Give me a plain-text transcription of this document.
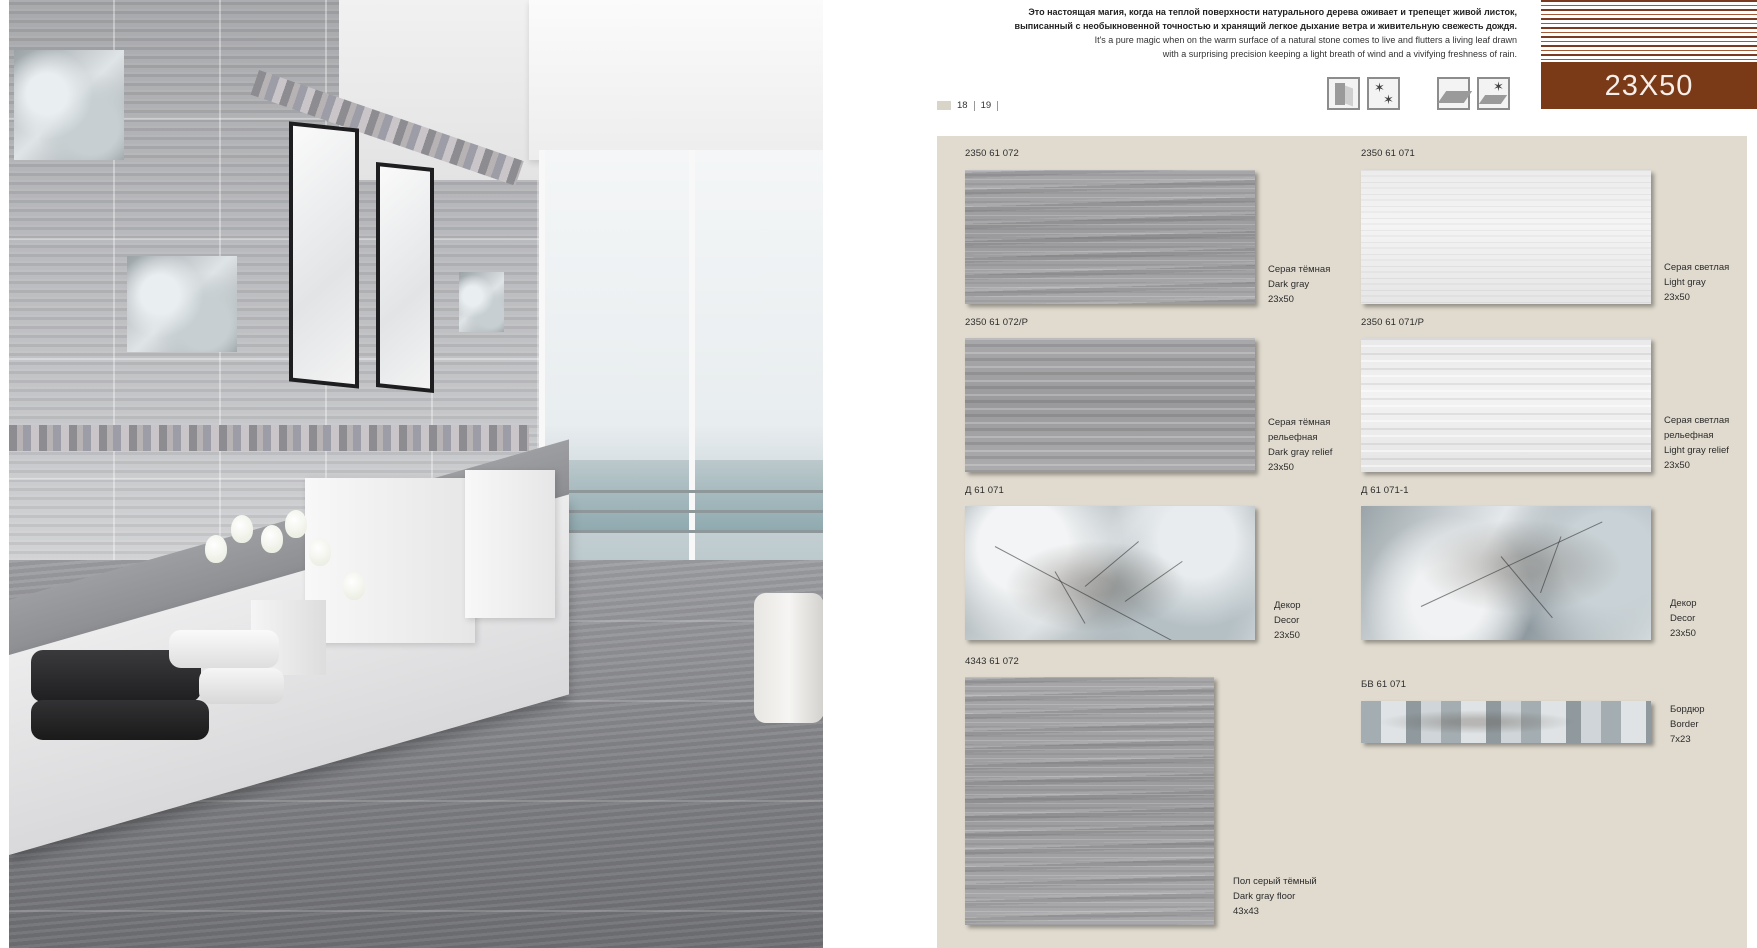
Это настоящая магия, когда на теплой поверхности натурального дерева оживает и трепещет живой листок,

выписанный с необыкновенной точностью и хранящий легкое дыхание ветра и живительную свежесть дождя.

It's a pure magic when on the warm surface of a natural stone comes to live and flutters a living leaf drawn

with a surprising precision keeping a light breath of wind and a vivifying freshness of rain.

18 19
✶ ✶
✶
23X50
2350 61 072
Серая тёмная
Dark gray
23x50
2350 61 071
Серая светлая
Light gray
23x50
2350 61 072/P
Серая тёмная
рельефная
Dark gray relief
23x50
2350 61 071/P
Серая светлая
рельефная
Light gray relief
23x50
Д 61 071
Декор
Decor
23x50
Д 61 071-1
Декор
Decor
23x50
4343 61 072
Пол серый тёмный
Dark gray floor
43x43
БВ 61 071
Бордюр
Border
7x23
